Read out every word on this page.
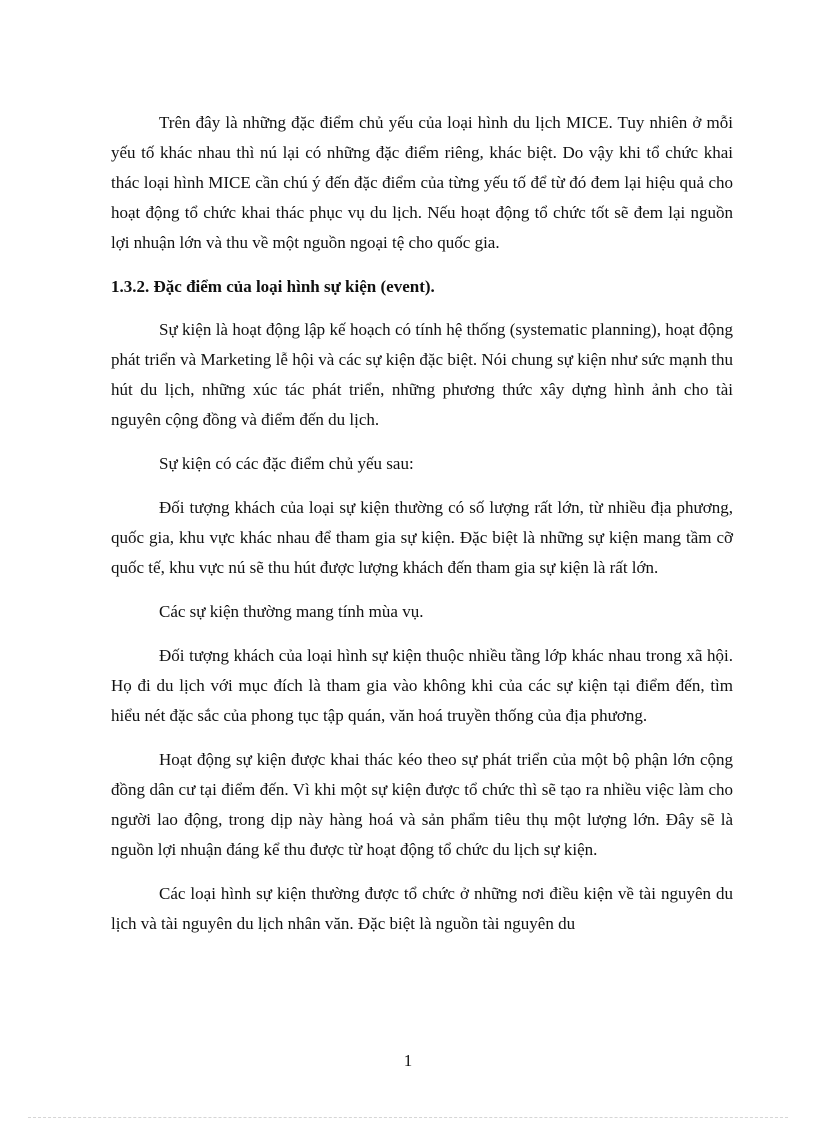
Trên đây là những đặc điểm chủ yếu của loại hình du lịch MICE. Tuy nhiên ở mỗi yếu tố khác nhau thì nú lại có những đặc điểm riêng, khác biệt. Do vậy khi tổ chức khai thác loại hình MICE cần chú ý đến đặc điểm của từng yếu tố để từ đó đem lại hiệu quả cho hoạt động tổ chức khai thác phục vụ du lịch. Nếu hoạt động tổ chức tốt sẽ đem lại nguồn lợi nhuận lớn và thu về một nguồn ngoại tệ cho quốc gia.

1.3.2. Đặc điểm của loại hình sự kiện (event).

Sự kiện là hoạt động lập kế hoạch có tính hệ thống (systematic planning), hoạt động phát triển và Marketing lễ hội và các sự kiện đặc biệt. Nói chung sự kiện như sức mạnh thu hút du lịch, những xúc tác phát triển, những phương thức xây dựng hình ảnh cho tài nguyên cộng đồng và điểm đến du lịch.

Sự kiện có các đặc điểm chủ yếu sau:

Đối tượng khách của loại sự kiện thường có số lượng rất lớn, từ nhiều địa phương, quốc gia, khu vực khác nhau để tham gia sự kiện. Đặc biệt là những sự kiện mang tầm cỡ quốc tế, khu vực nú sẽ thu hút được lượng khách đến tham gia sự kiện là rất lớn.

Các sự kiện thường mang tính mùa vụ.

Đối tượng khách của loại hình sự kiện thuộc nhiều tầng lớp khác nhau trong xã hội. Họ đi du lịch với mục đích là tham gia vào không khi của các sự kiện tại điểm đến, tìm hiểu nét đặc sắc của phong tục tập quán, văn hoá truyền thống của địa phương.

Hoạt động sự kiện được khai thác kéo theo sự phát triển của một bộ phận lớn cộng đồng dân cư tại điểm đến. Vì khi một sự kiện được tổ chức thì sẽ tạo ra nhiều việc làm cho người lao động, trong dịp này hàng hoá và sản phẩm tiêu thụ một lượng lớn. Đây sẽ là nguồn lợi nhuận đáng kể thu được từ hoạt động tổ chức du lịch sự kiện.

Các loại hình sự kiện thường được tổ chức ở những nơi điều kiện về tài nguyên du lịch và tài nguyên du lịch nhân văn. Đặc biệt là nguồn tài nguyên du

1
